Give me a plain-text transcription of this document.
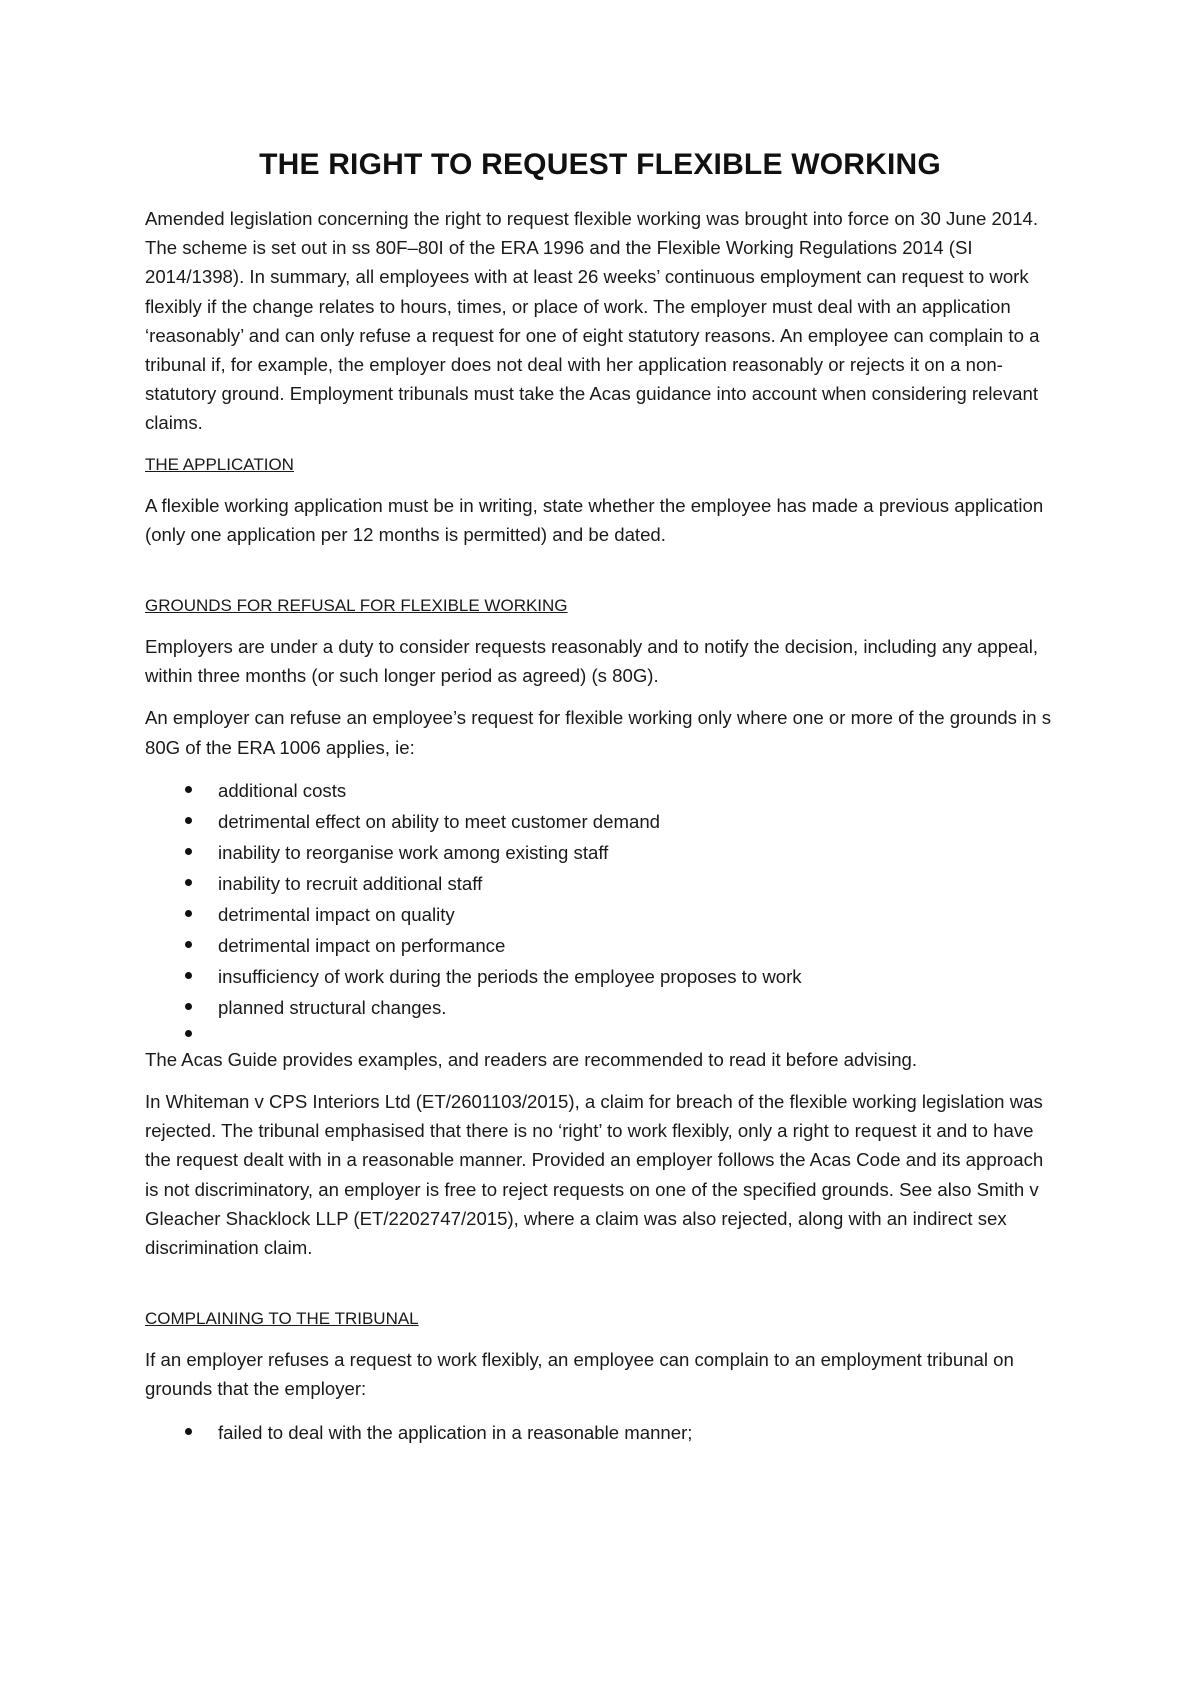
THE RIGHT TO REQUEST FLEXIBLE WORKING

Amended legislation concerning the right to request flexible working was brought into force on 30 June 2014. The scheme is set out in ss 80F–80I of the ERA 1996 and the Flexible Working Regulations 2014 (SI 2014/1398). In summary, all employees with at least 26 weeks’ continuous employment can request to work flexibly if the change relates to hours, times, or place of work. The employer must deal with an application ‘reasonably’ and can only refuse a request for one of eight statutory reasons. An employee can complain to a tribunal if, for example, the employer does not deal with her application reasonably or rejects it on a non- statutory ground. Employment tribunals must take the Acas guidance into account when considering relevant claims.

THE APPLICATION

A flexible working application must be in writing, state whether the employee has made a previous application (only one application per 12 months is permitted) and be dated.

GROUNDS FOR REFUSAL FOR FLEXIBLE WORKING

Employers are under a duty to consider requests reasonably and to notify the decision, including any appeal, within three months (or such longer period as agreed) (s 80G).

An employer can refuse an employee’s request for flexible working only where one or more of the grounds in s 80G of the ERA 1006 applies, ie:

additional costs
detrimental effect on ability to meet customer demand
inability to reorganise work among existing staff
inability to recruit additional staff
detrimental impact on quality
detrimental impact on performance
insufficiency of work during the periods the employee proposes to work
planned structural changes.

The Acas Guide provides examples, and readers are recommended to read it before advising.

In Whiteman v CPS Interiors Ltd (ET/2601103/2015), a claim for breach of the flexible working legislation was rejected. The tribunal emphasised that there is no ‘right’ to work flexibly, only a right to request it and to have the request dealt with in a reasonable manner. Provided an employer follows the Acas Code and its approach is not discriminatory, an employer is free to reject requests on one of the specified grounds. See also Smith v Gleacher Shacklock LLP (ET/2202747/2015), where a claim was also rejected, along with an indirect sex discrimination claim.

COMPLAINING TO THE TRIBUNAL

If an employer refuses a request to work flexibly, an employee can complain to an employment tribunal on grounds that the employer:

failed to deal with the application in a reasonable manner;
